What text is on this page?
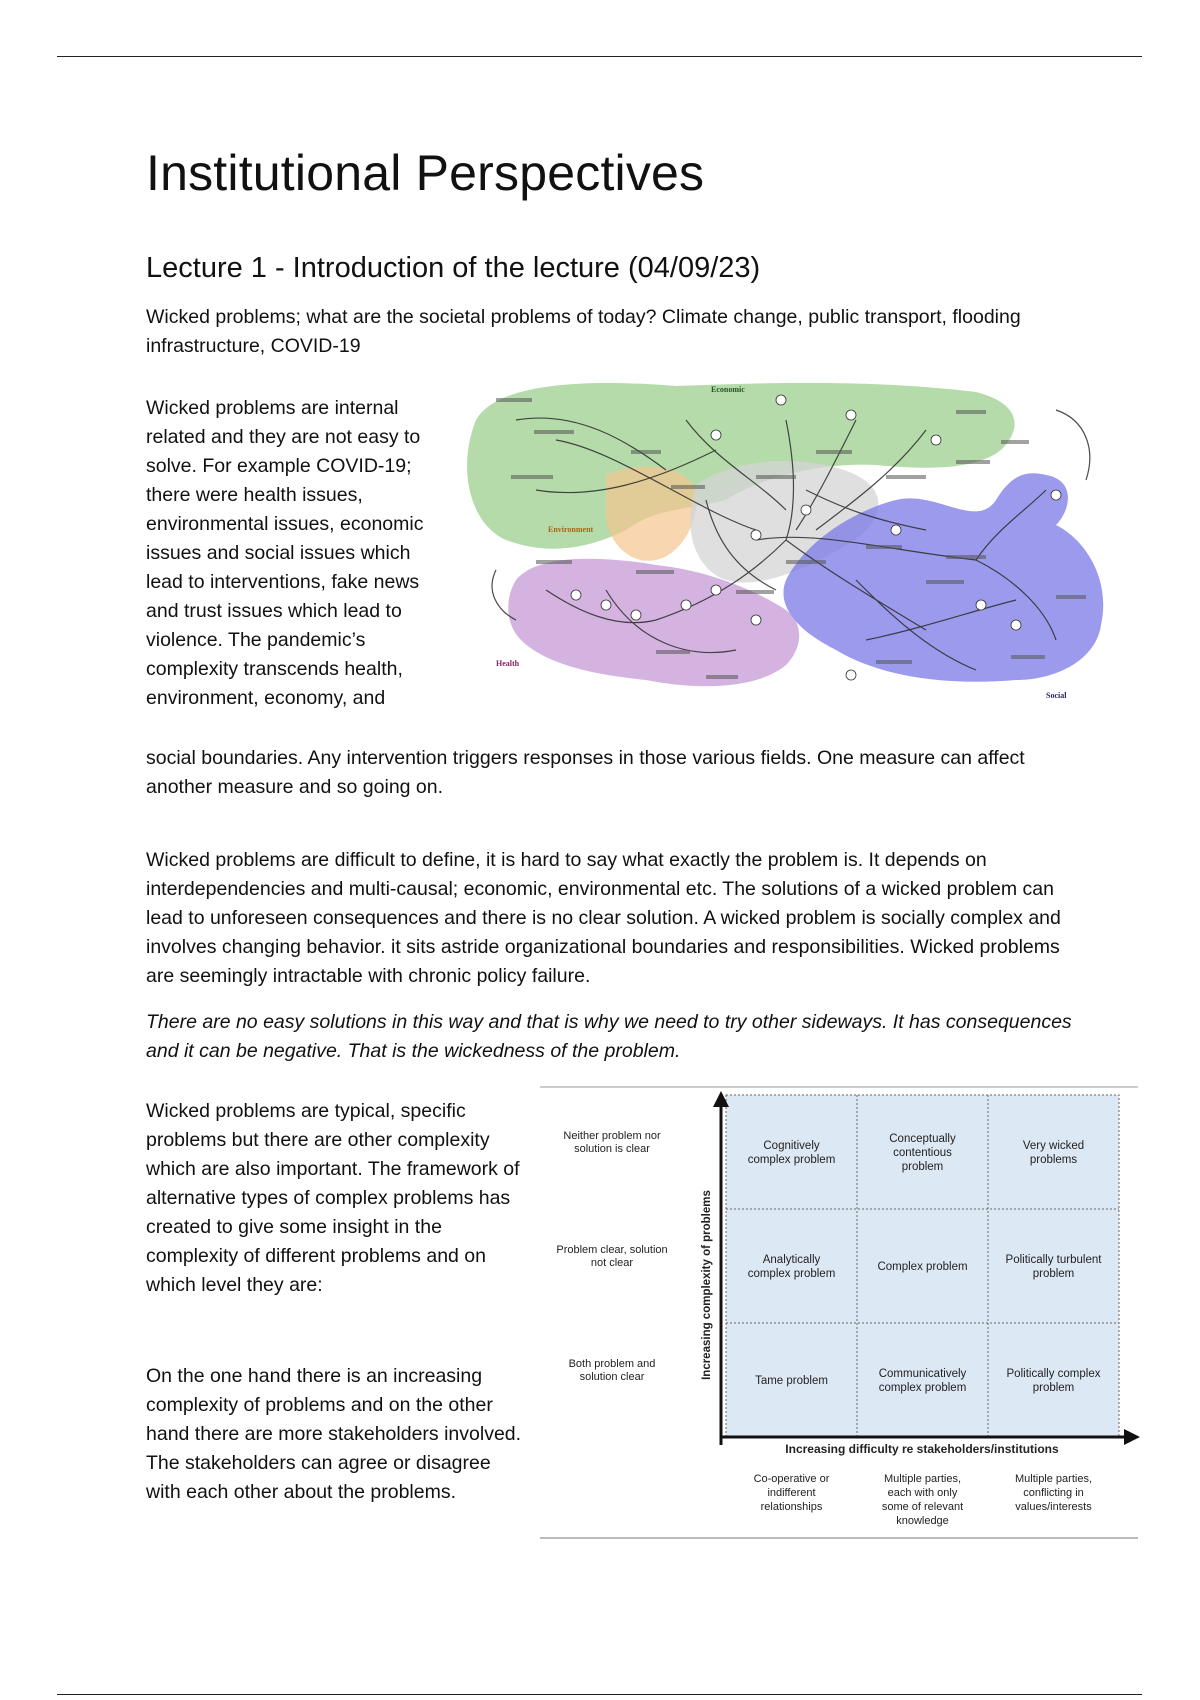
Institutional Perspectives
Lecture 1 - Introduction of the lecture (04/09/23)

Wicked problems; what are the societal problems of today? Climate change, public transport, flooding infrastructure, COVID-19

Wicked problems are internal related and they are not easy to solve. For example COVID-19; there were health issues, environmental issues, economic issues and social issues which lead to interventions, fake news and trust issues which lead to violence. The pandemic’s complexity transcends health, environment, economy, and

Economic
Environment
Health
Social

social boundaries. Any intervention triggers responses in those various fields. One measure can affect another measure and so going on.

Wicked problems are difficult to define, it is hard to say what exactly the problem is. It depends on interdependencies and multi-causal; economic, environmental etc. The solutions of a wicked problem can lead to unforeseen consequences and there is no clear solution. A wicked problem is socially complex and involves changing behavior. it sits astride organizational boundaries and responsibilities. Wicked problems are seemingly intractable with chronic policy failure.

There are no easy solutions in this way and that is why we need to try other sideways. It has consequences and it can be negative. That is the wickedness of the problem.

Wicked problems are typical, specific problems but there are other complexity which are also important. The framework of alternative types of complex problems has created to give some insight in the complexity of different problems and on which level they are:

On the one hand there is an increasing complexity of problems and on the other hand there are more stakeholders involved. The stakeholders can agree or disagree with each other about the problems.

Increasing complexity of problems
Increasing difficulty re stakeholders/institutions
Cognitively complex problem
Conceptually contentious problem
Very wicked problems
Analytically complex problem
Complex problem
Politically turbulent problem
Tame problem
Communicatively complex problem
Politically complex problem
Neither problem nor solution is clear
Problem clear, solution not clear
Both problem and solution clear
Co-operative or indifferent relationships
Multiple parties, each with only some of relevant knowledge
Multiple parties, conflicting in values/interests
